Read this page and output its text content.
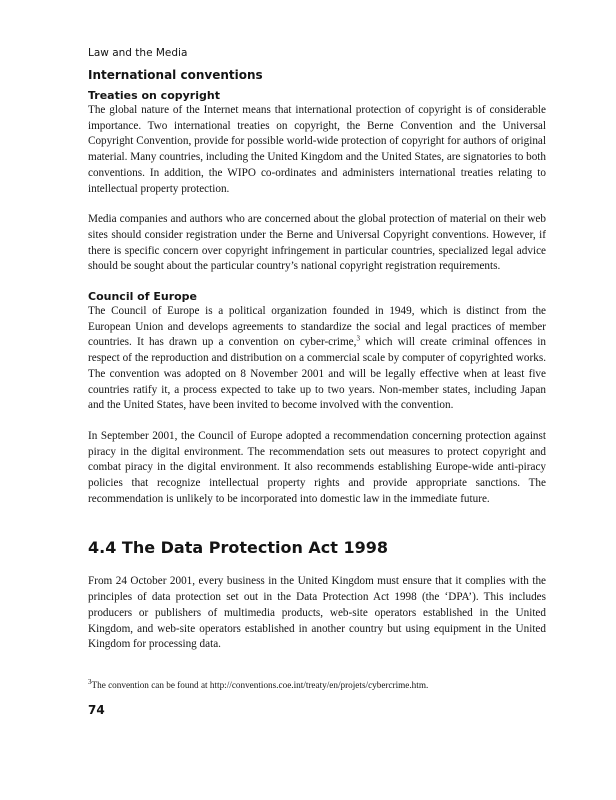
Law and the Media
International conventions
Treaties on copyright

The global nature of the Internet means that international protection of copyright is of considerable importance. Two international treaties on copyright, the Berne Convention and the Universal Copyright Convention, provide for possible world-wide protection of copyright for authors of original material. Many countries, including the United Kingdom and the United States, are signatories to both conventions. In addition, the WIPO co-ordinates and administers international treaties relating to intellectual property protection.

Media companies and authors who are concerned about the global protection of material on their web sites should consider registration under the Berne and Universal Copyright conventions. However, if there is specific concern over copyright infringement in particular countries, specialized legal advice should be sought about the particular country’s national copyright registration requirements.

Council of Europe

The Council of Europe is a political organization founded in 1949, which is distinct from the European Union and develops agreements to standardize the social and legal practices of member countries. It has drawn up a convention on cyber-crime,$^3$ which will create criminal offences in respect of the reproduction and distribution on a commercial scale by computer of copyrighted works. The convention was adopted on 8 November 2001 and will be legally effective when at least five countries ratify it, a process expected to take up to two years. Non-member states, including Japan and the United States, have been invited to become involved with the convention.

In September 2001, the Council of Europe adopted a recommendation concerning protection against piracy in the digital environment. The recommendation sets out measures to protect copyright and combat piracy in the digital environment. It also recommends establishing Europe-wide anti-piracy policies that recognize intellectual property rights and provide appropriate sanctions. The recommendation is unlikely to be incorporated into domestic law in the immediate future.

4.4 The Data Protection Act 1998

From 24 October 2001, every business in the United Kingdom must ensure that it complies with the principles of data protection set out in the Data Protection Act 1998 (the ‘DPA’). This includes producers or publishers of multimedia products, web-site operators established in the United Kingdom, and web-site operators established in another country but using equipment in the United Kingdom for processing data.

$^3$The convention can be found at http://conventions.coe.int/treaty/en/projets/cybercrime.htm.
74
